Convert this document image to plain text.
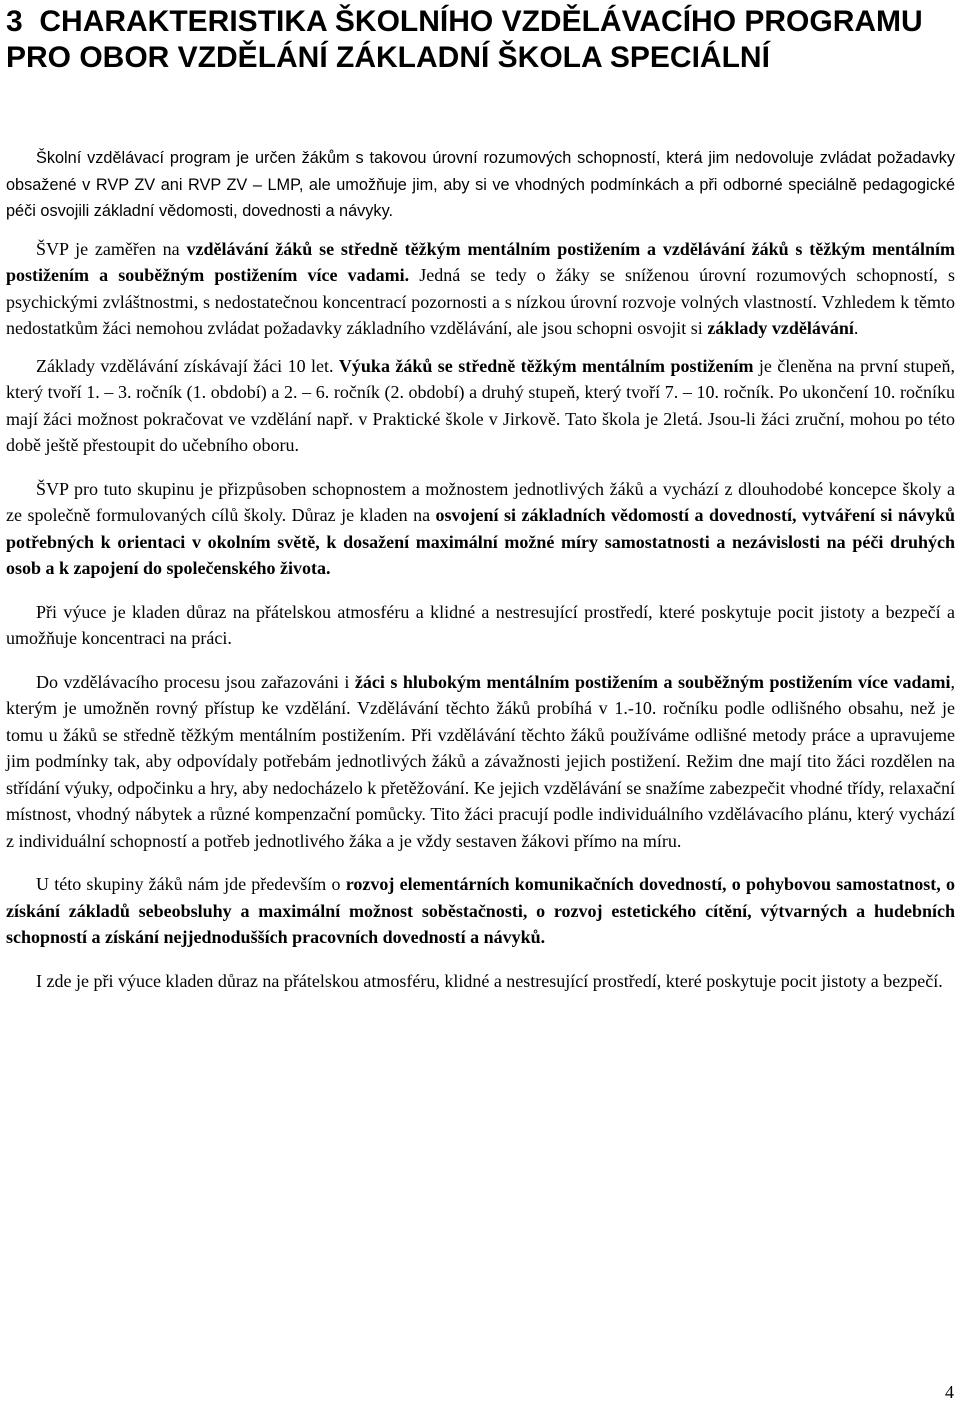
3 CHARAKTERISTIKA ŠKOLNÍHO VZDĚLÁVACÍHO PROGRAMU PRO OBOR VZDĚLÁNÍ ZÁKLADNÍ ŠKOLA SPECIÁLNÍ

Školní vzdělávací program je určen žákům s takovou úrovní rozumových schopností, která jim nedovoluje zvládat požadavky obsažené v RVP ZV ani RVP ZV – LMP, ale umožňuje jim, aby si ve vhodných podmínkách a při odborné speciálně pedagogické péči osvojili základní vědomosti, dovednosti a návyky.

ŠVP je zaměřen na vzdělávání žáků se středně těžkým mentálním postižením a vzdělávání žáků s těžkým mentálním postižením a souběžným postižením více vadami. Jedná se tedy o žáky se sníženou úrovní rozumových schopností, s psychickými zvláštnostmi, s nedostatečnou koncentrací pozornosti a s nízkou úrovní rozvoje volných vlastností. Vzhledem k těmto nedostatkům žáci nemohou zvládat požadavky základního vzdělávání, ale jsou schopni osvojit si základy vzdělávání.

Základy vzdělávání získávají žáci 10 let. Výuka žáků se středně těžkým mentálním postižením je členěna na první stupeň, který tvoří 1. – 3. ročník (1. období) a 2. – 6. ročník (2. období) a druhý stupeň, který tvoří 7. – 10. ročník. Po ukončení 10. ročníku mají žáci možnost pokračovat ve vzdělání např. v Praktické škole v Jirkově. Tato škola je 2letá. Jsou-li žáci zruční, mohou po této době ještě přestoupit do učebního oboru.

ŠVP pro tuto skupinu je přizpůsoben schopnostem a možnostem jednotlivých žáků a vychází z dlouhodobé koncepce školy a ze společně formulovaných cílů školy. Důraz je kladen na osvojení si základních vědomostí a dovedností, vytváření si návyků potřebných k orientaci v okolním světě, k dosažení maximální možné míry samostatnosti a nezávislosti na péči druhých osob a k zapojení do společenského života.

Při výuce je kladen důraz na přátelskou atmosféru a klidné a nestresující prostředí, které poskytuje pocit jistoty a bezpečí a umožňuje koncentraci na práci.

Do vzdělávacího procesu jsou zařazováni i žáci s hlubokým mentálním postižením a souběžným postižením více vadami, kterým je umožněn rovný přístup ke vzdělání. Vzdělávání těchto žáků probíhá v 1.-10. ročníku podle odlišného obsahu, než je tomu u žáků se středně těžkým mentálním postižením. Při vzdělávání těchto žáků používáme odlišné metody práce a upravujeme jim podmínky tak, aby odpovídaly potřebám jednotlivých žáků a závažnosti jejich postižení. Režim dne mají tito žáci rozdělen na střídání výuky, odpočinku a hry, aby nedocházelo k přetěžování. Ke jejich vzdělávání se snažíme zabezpečit vhodné třídy, relaxační místnost, vhodný nábytek a různé kompenzační pomůcky. Tito žáci pracují podle individuálního vzdělávacího plánu, který vychází z individuální schopností a potřeb jednotlivého žáka a je vždy sestaven žákovi přímo na míru.

U této skupiny žáků nám jde především o rozvoj elementárních komunikačních dovedností, o pohybovou samostatnost, o získání základů sebeobsluhy a maximální možnost soběstačnosti, o rozvoj estetického cítění, výtvarných a hudebních schopností a získání nejjednodušších pracovních dovedností a návyků.

I zde je při výuce kladen důraz na přátelskou atmosféru, klidné a nestresující prostředí, které poskytuje pocit jistoty a bezpečí.

4
